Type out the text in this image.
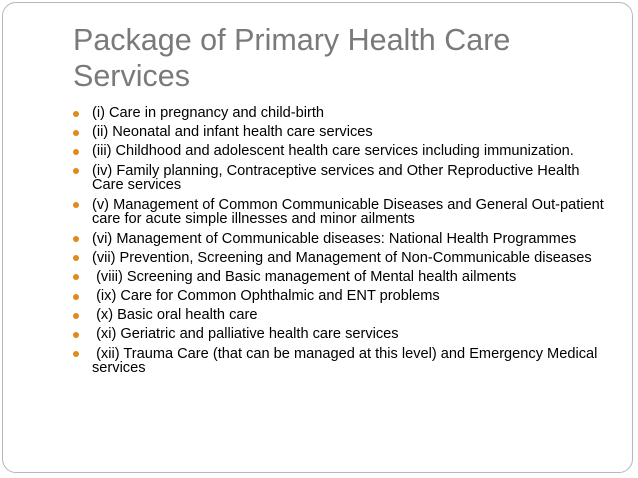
Package of Primary Health Care Services
(i) Care in pregnancy and child-birth
(ii) Neonatal and infant health care services
(iii) Childhood and adolescent health care services including immunization.
(iv) Family planning, Contraceptive services and Other Reproductive Health Care services
(v) Management of Common Communicable Diseases and General Out-patient care for acute simple illnesses and minor ailments
(vi) Management of Communicable diseases: National Health Programmes
(vii) Prevention, Screening and Management of Non-Communicable diseases
(viii) Screening and Basic management of Mental health ailments
(ix) Care for Common Ophthalmic and ENT problems
(x) Basic oral health care
(xi) Geriatric and palliative health care services
(xii) Trauma Care (that can be managed at this level) and Emergency Medical services
